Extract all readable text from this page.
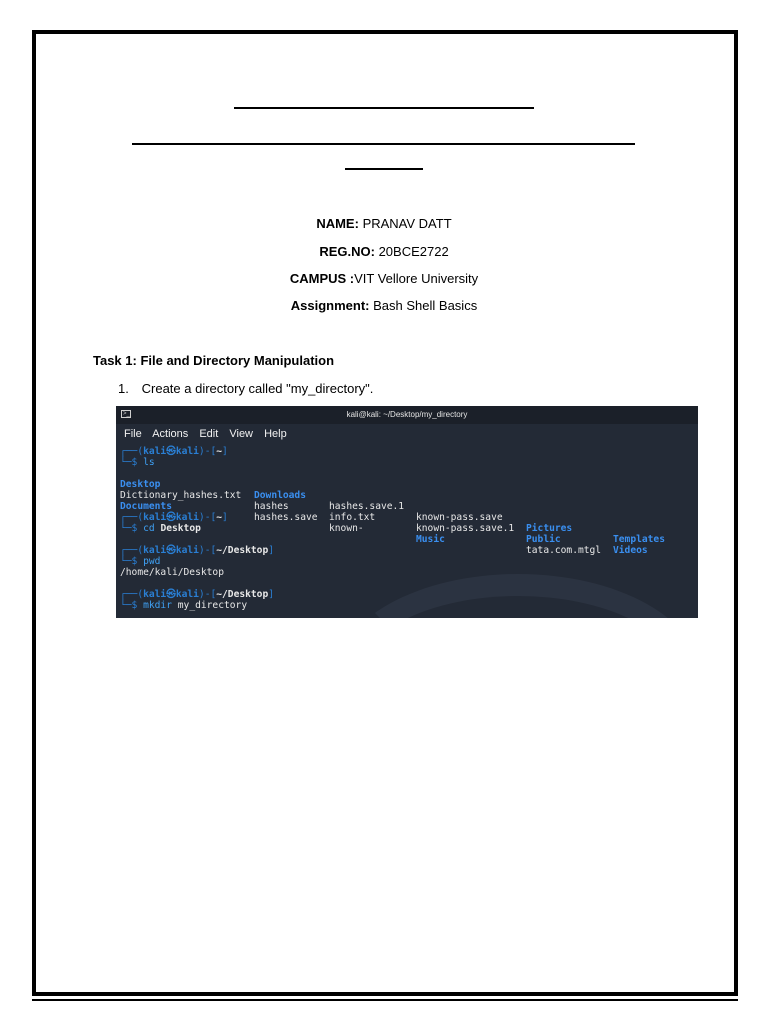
NAME: PRANAV DATT
REG.NO: 20BCE2722
CAMPUS :VIT Vellore University
Assignment: Bash Shell Basics
Task 1: File and Directory Manipulation
1. Create a directory called "my_directory".
>_	kali@kali: ~/Desktop/my_directory
File Actions Edit View Help
┌──(kali㉿kali)-[~]
└─$ ls

Desktop

Downloads

hashes.save.1

known-pass.save

Pictures

Templates

Dictionary_hashes.txt

hashes

info.txt

known-pass.save.1

Public

Videos

Documents

hashes.save

known-

Music

tata.com.mtgl

┌──(kali㉿kali)-[~]
└─$ cd Desktop
┌──(kali㉿kali)-[~/Desktop]
└─$ pwd
/home/kali/Desktop
┌──(kali㉿kali)-[~/Desktop]
└─$ mkdir my_directory
